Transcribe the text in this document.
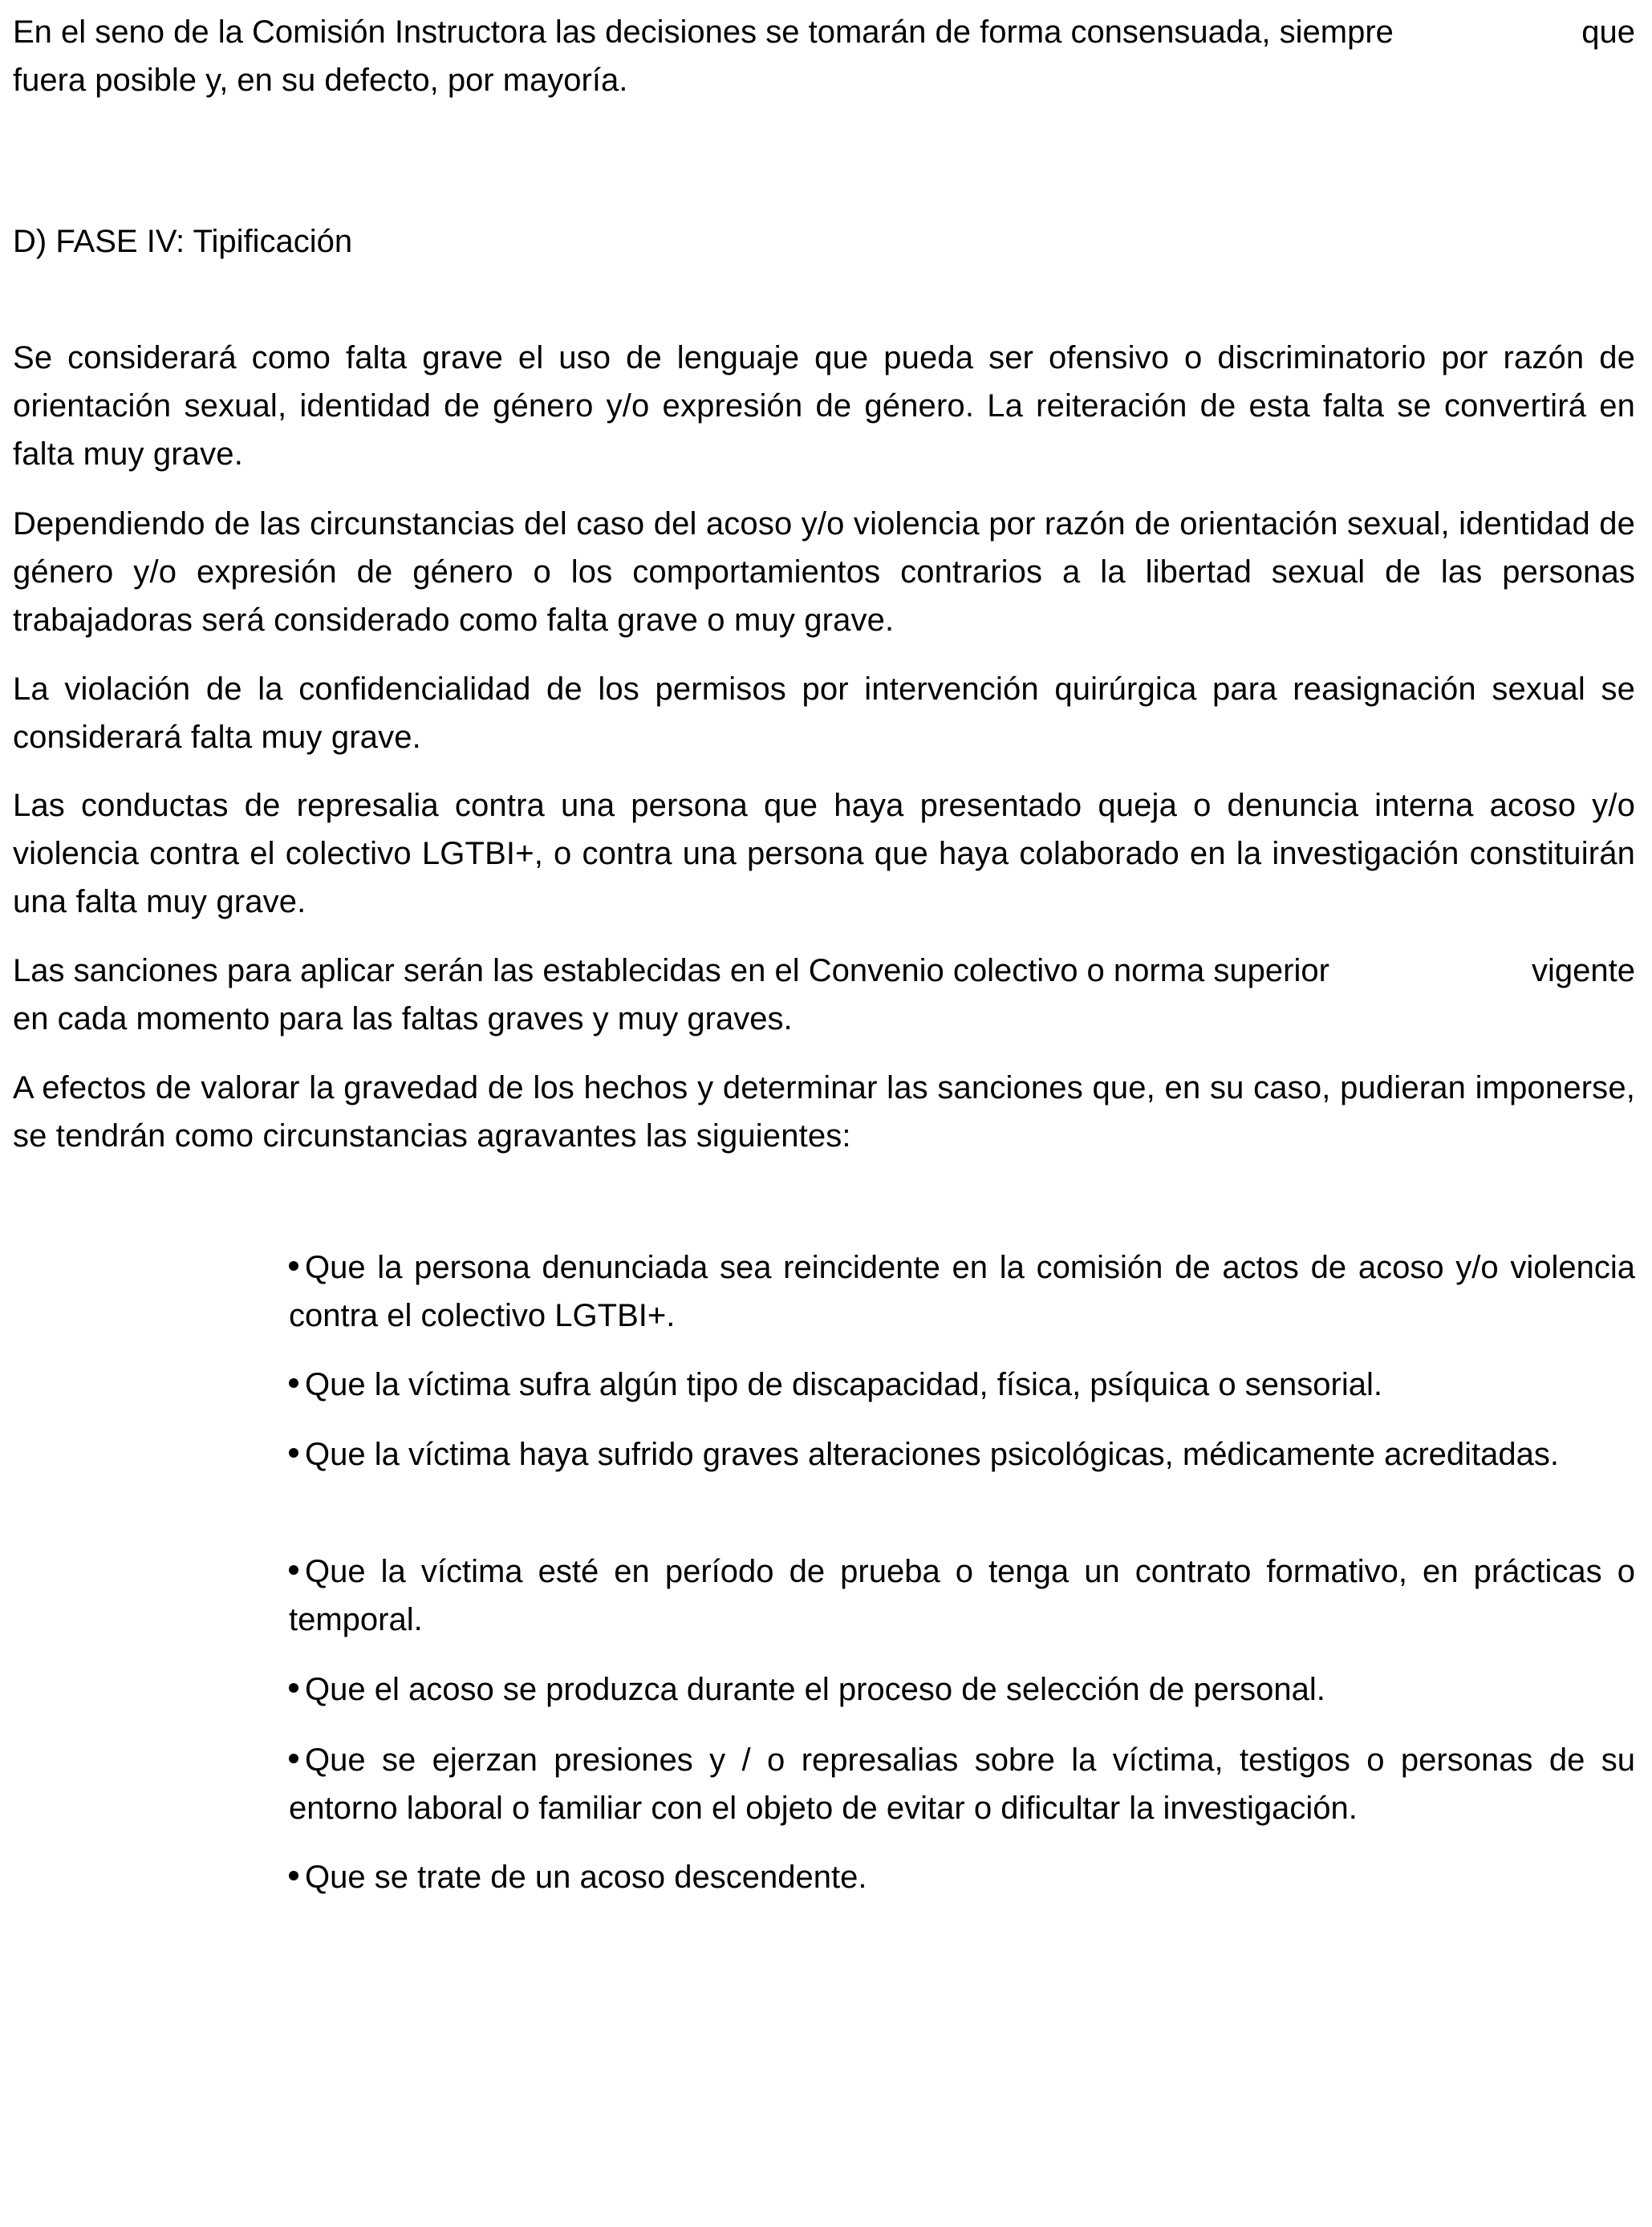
En el seno de la Comisión Instructora las decisiones se tomarán de forma consensuada, siempre	que
fuera posible y, en su defecto, por mayoría.
D) FASE IV: Tipificación

Se considerará como falta grave el uso de lenguaje que pueda ser ofensivo o discriminatorio por razón de orientación sexual, identidad de género y/o expresión de género. La reiteración de esta falta se convertirá en falta muy grave.

Dependiendo de las circunstancias del caso del acoso y/o violencia por razón de orientación sexual, identidad de género y/o expresión de género o los comportamientos contrarios a la libertad sexual de las personas trabajadoras será considerado como falta grave o muy grave.

La violación de la confidencialidad de los permisos por intervención quirúrgica para reasignación sexual se considerará falta muy grave.

Las conductas de represalia contra una persona que haya presentado queja o denuncia interna acoso y/o violencia contra el colectivo LGTBI+, o contra una persona que haya colaborado en la investigación constituirán una falta muy grave.

Las sanciones para aplicar serán las establecidas en el Convenio colectivo o norma superior	vigente
en cada momento para las faltas graves y muy graves.

A efectos de valorar la gravedad de los hechos y determinar las sanciones que, en su caso, pudieran imponerse, se tendrán como circunstancias agravantes las siguientes:

Que la persona denunciada sea reincidente en la comisión de actos de acoso y/o violencia contra el colectivo LGTBI+.

Que la víctima sufra algún tipo de discapacidad, física, psíquica o sensorial.

Que la víctima haya sufrido graves alteraciones psicológicas, médicamente acreditadas.

Que la víctima esté en período de prueba o tenga un contrato formativo, en prácticas o temporal.

Que el acoso se produzca durante el proceso de selección de personal.

Que se ejerzan presiones y / o represalias sobre la víctima, testigos o personas de su entorno laboral o familiar con el objeto de evitar o dificultar la investigación.

Que se trate de un acoso descendente.
